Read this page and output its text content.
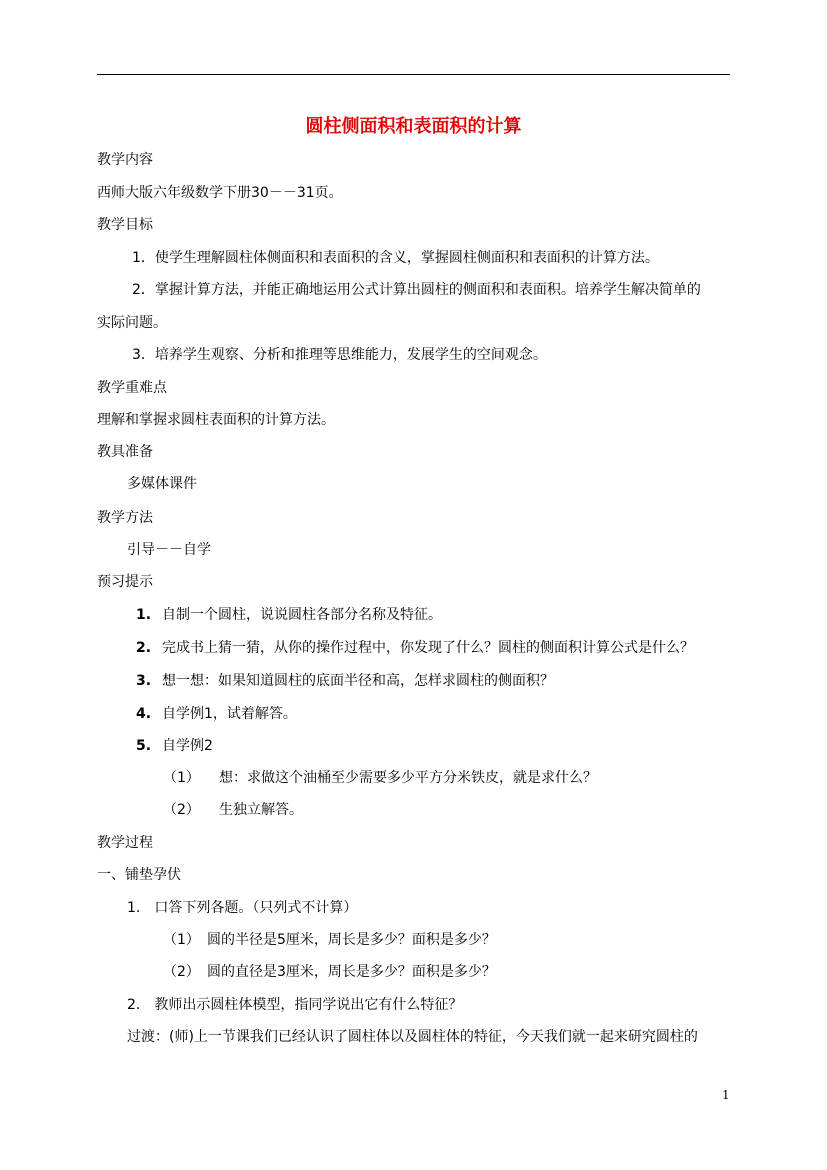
圆柱侧面积和表面积的计算
教学内容
西师大版六年级数学下册30－－31页。
教学目标
1．使学生理解圆柱体侧面积和表面积的含义，掌握圆柱侧面积和表面积的计算方法。
2．掌握计算方法，并能正确地运用公式计算出圆柱的侧面积和表面积。培养学生解决简单的
实际问题。
3．培养学生观察、分析和推理等思维能力，发展学生的空间观念。
教学重难点
理解和掌握求圆柱表面积的计算方法。
教具准备
多媒体课件
教学方法
引导－－自学
预习提示
1. 自制一个圆柱，说说圆柱各部分名称及特征。
2. 完成书上猜一猜，从你的操作过程中，你发现了什么？圆柱的侧面积计算公式是什么？
3. 想一想：如果知道圆柱的底面半径和高，怎样求圆柱的侧面积？
4. 自学例1，试着解答。
5. 自学例2
（1） 想：求做这个油桶至少需要多少平方分米铁皮，就是求什么？
（2） 生独立解答。
教学过程
一、铺垫孕伏
1.　口答下列各题。（只列式不计算）
（1） 圆的半径是5厘米，周长是多少？面积是多少？
（2） 圆的直径是3厘米，周长是多少？面积是多少？
2.　教师出示圆柱体模型，指同学说出它有什么特征？
过渡：(师)上一节课我们已经认识了圆柱体以及圆柱体的特征，今天我们就一起来研究圆柱的
1
